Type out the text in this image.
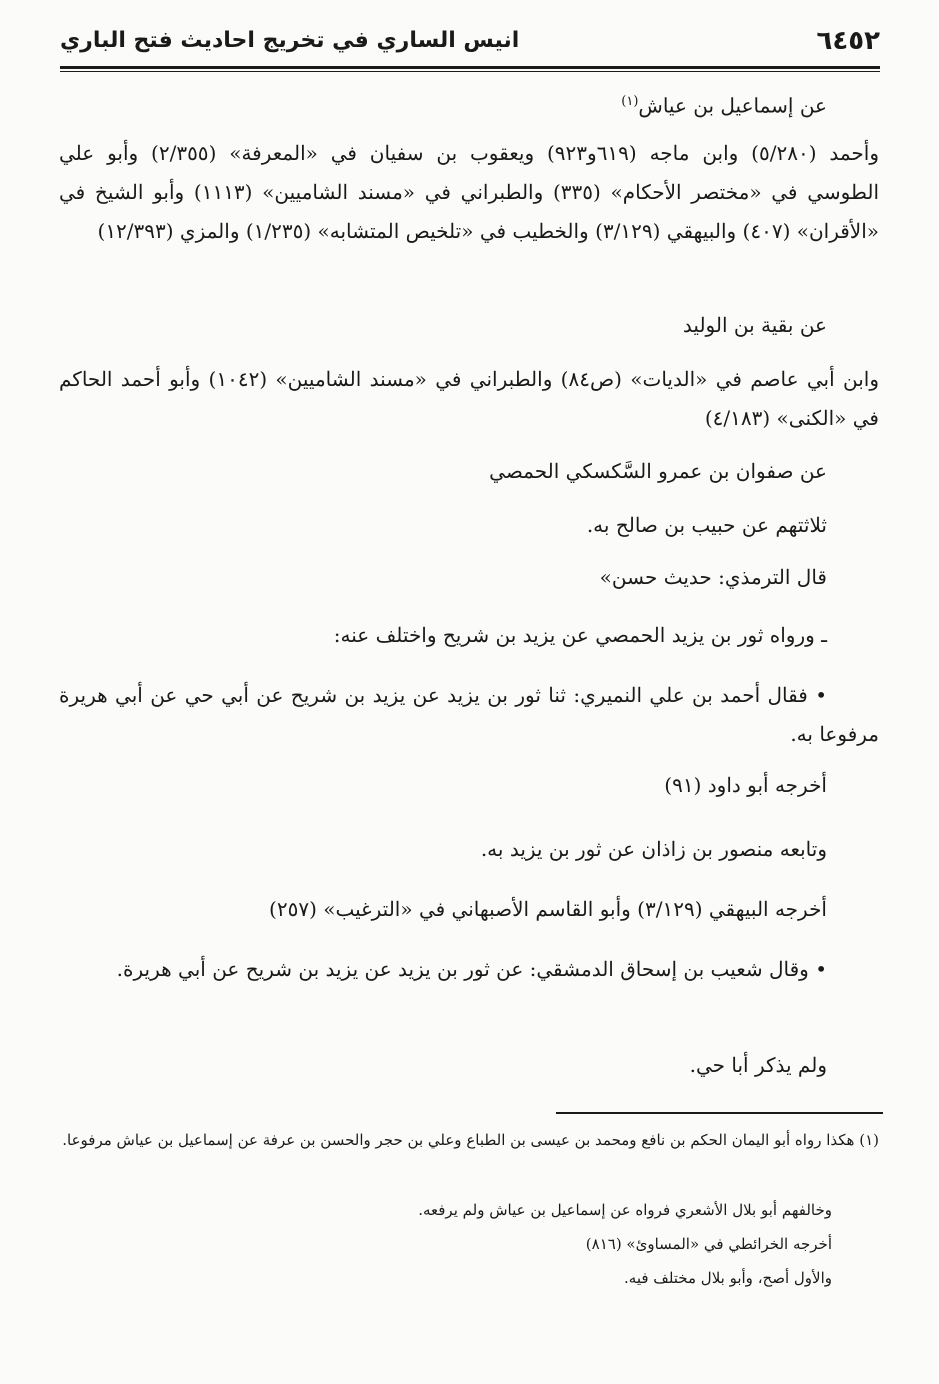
٦٤٥٢
انيس الساري في تخريج احاديث فتح الباري
عن إسماعيل بن عياش$^{(١)}$
وأحمد (٥/٢٨٠) وابن ماجه (٦١٩و٩٢٣) ويعقوب بن سفيان في «المعرفة» (٢/٣٥٥) وأبو علي الطوسي في «مختصر الأحكام» (٣٣٥) والطبراني في «مسند الشاميين» (١١١٣) وأبو الشيخ في «الأقران» (٤٠٧) والبيهقي (٣/١٢٩) والخطيب في «تلخيص المتشابه» (١/٢٣٥) والمزي (١٢/٣٩٣)
عن بقية بن الوليد
وابن أبي عاصم في «الديات» (ص٨٤) والطبراني في «مسند الشاميين» (١٠٤٢) وأبو أحمد الحاكم في «الكنى» (٤/١٨٣)
عن صفوان بن عمرو السَّكسكي الحمصي
ثلاثتهم عن حبيب بن صالح به.
قال الترمذي: حديث حسن»
ـ ورواه ثور بن يزيد الحمصي عن يزيد بن شريح واختلف عنه:
• فقال أحمد بن علي النميري: ثنا ثور بن يزيد عن يزيد بن شريح عن أبي حي عن أبي هريرة مرفوعا به.
أخرجه أبو داود (٩١)
وتابعه منصور بن زاذان عن ثور بن يزيد به.
أخرجه البيهقي (٣/١٢٩) وأبو القاسم الأصبهاني في «الترغيب» (٢٥٧)
• وقال شعيب بن إسحاق الدمشقي: عن ثور بن يزيد عن يزيد بن شريح عن أبي هريرة.
ولم يذكر أبا حي.
(١) هكذا رواه أبو اليمان الحكم بن نافع ومحمد بن عيسى بن الطباع وعلي بن حجر والحسن بن عرفة عن إسماعيل بن عياش مرفوعا.
وخالفهم أبو بلال الأشعري فرواه عن إسماعيل بن عياش ولم يرفعه.
أخرجه الخرائطي في «المساوئ» (٨١٦)
والأول أصح، وأبو بلال مختلف فيه.
